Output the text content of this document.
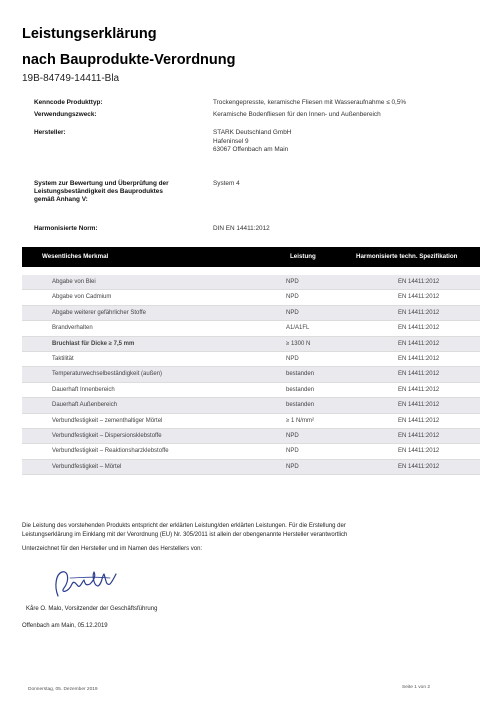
Leistungserklärung
nach Bauprodukte-Verordnung
19B-84749-14411-Bla
Kenncode Produkttyp:	Trockengepresste, keramische Fliesen mit Wasseraufnahme ≤ 0,5%
Verwendungszweck:	Keramische Bodenfliesen für den Innen- und Außenbereich
Hersteller:	STARK Deutschland GmbH
Hafeninsel 9
63067 Offenbach am Main
System zur Bewertung und Überprüfung der
Leistungsbeständigkeit des Bauproduktes
gemäß Anhang V:
System 4
Harmonisierte Norm:	DIN EN 14411:2012
Wesentliches Merkmal	Leistung	Harmonisierte techn. Spezifikation
Abgabe von Blei	NPD	EN 14411:2012
Abgabe von Cadmium	NPD	EN 14411:2012
Abgabe weiterer gefährlicher Stoffe	NPD	EN 14411:2012
Brandverhalten	A1/A1FL	EN 14411:2012
Bruchlast für Dicke ≥ 7,5 mm	≥ 1300 N	EN 14411:2012
Taktilität	NPD	EN 14411:2012
Temperaturwechselbeständigkeit (außen)	bestanden	EN 14411:2012
Dauerhaft Innenbereich	bestanden	EN 14411:2012
Dauerhaft Außenbereich	bestanden	EN 14411:2012
Verbundfestigkeit – zementhaltiger Mörtel	≥ 1 N/mm²	EN 14411:2012
Verbundfestigkeit – Dispersionsklebstoffe	NPD	EN 14411:2012
Verbundfestigkeit – Reaktionsharzklebstoffe	NPD	EN 14411:2012
Verbundfestigkeit – Mörtel	NPD	EN 14411:2012
Die Leistung des vorstehenden Produkts entspricht der erklärten Leistung/den erklärten Leistungen. Für die Erstellung der
Leistungserklärung im Einklang mit der Verordnung (EU) Nr. 305/2011 ist allein der obengenannte Hersteller verantwortlich
Unterzeichnet für den Hersteller und im Namen des Herstellers von:
Kåre O. Malo, Vorsitzender der Geschäftsführung
Offenbach am Main, 05.12.2019
Donnerstag, 05. Dezember 2019	Seite 1 von 2
